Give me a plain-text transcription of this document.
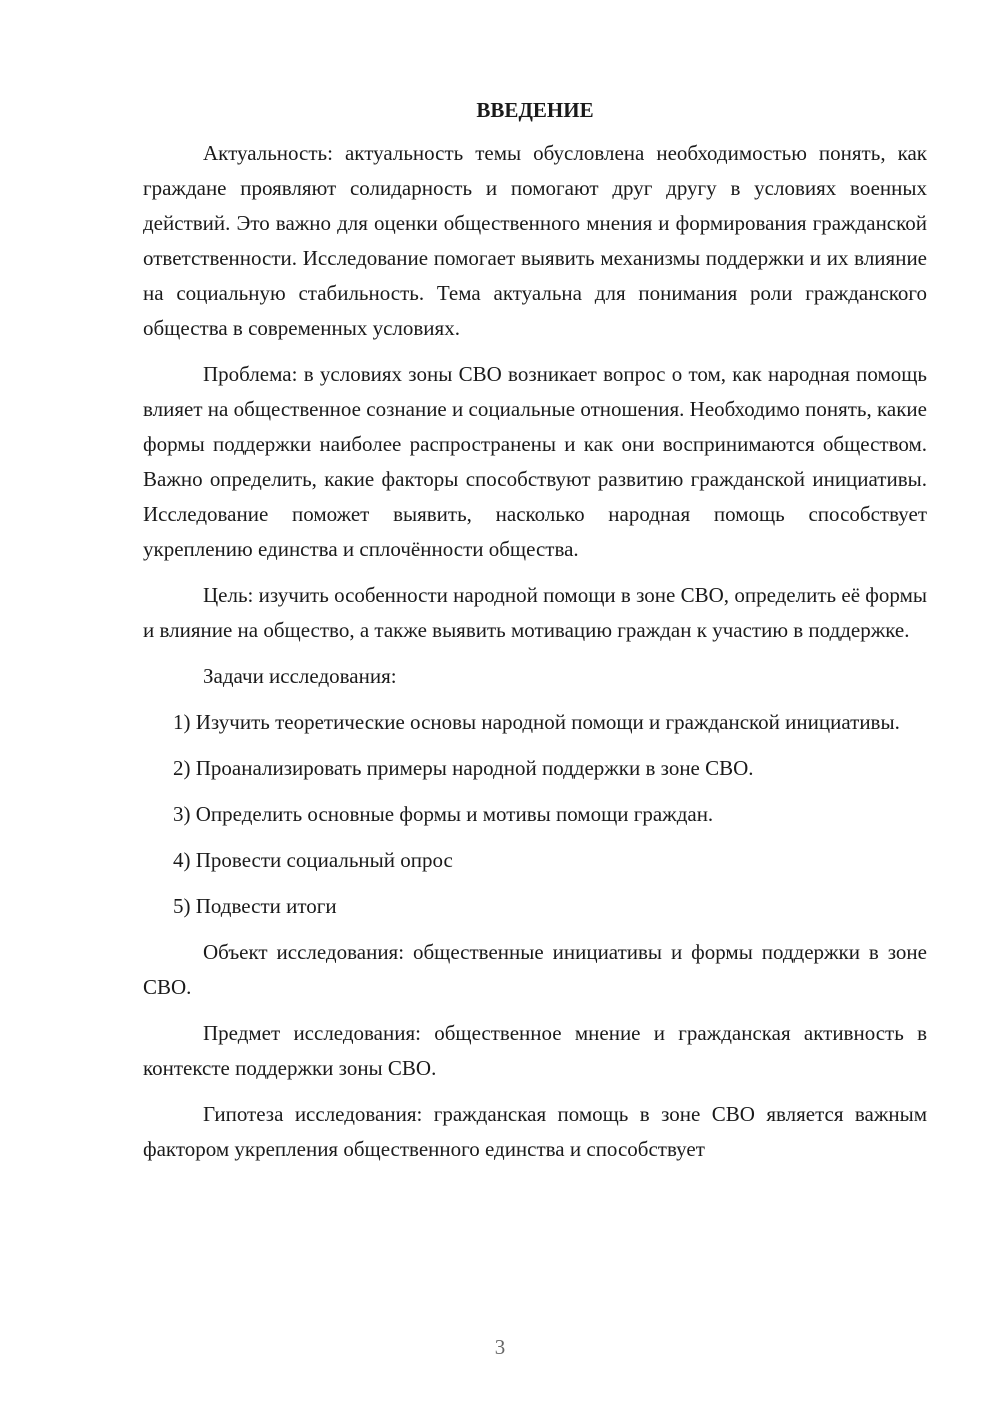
ВВЕДЕНИЕ

Актуальность: актуальность темы обусловлена необходимостью понять, как граждане проявляют солидарность и помогают друг другу в условиях военных действий. Это важно для оценки общественного мнения и формирования гражданской ответственности. Исследование помогает выявить механизмы поддержки и их влияние на социальную стабильность. Тема актуальна для понимания роли гражданского общества в современных условиях.

Проблема: в условиях зоны СВО возникает вопрос о том, как народная помощь влияет на общественное сознание и социальные отношения. Необходимо понять, какие формы поддержки наиболее распространены и как они воспринимаются обществом. Важно определить, какие факторы способствуют развитию гражданской инициативы. Исследование поможет выявить, насколько народная помощь способствует укреплению единства и сплочённости общества.

Цель: изучить особенности народной помощи в зоне СВО, определить её формы и влияние на общество, а также выявить мотивацию граждан к участию в поддержке.

Задачи исследования:

1) Изучить теоретические основы народной помощи и гражданской инициативы.

2) Проанализировать примеры народной поддержки в зоне СВО.

3) Определить основные формы и мотивы помощи граждан.

4) Провести социальный опрос

5) Подвести итоги

Объект исследования: общественные инициативы и формы поддержки в зоне СВО.

Предмет исследования: общественное мнение и гражданская активность в контексте поддержки зоны СВО.

Гипотеза исследования: гражданская помощь в зоне СВО является важным фактором укрепления общественного единства и способствует

3
